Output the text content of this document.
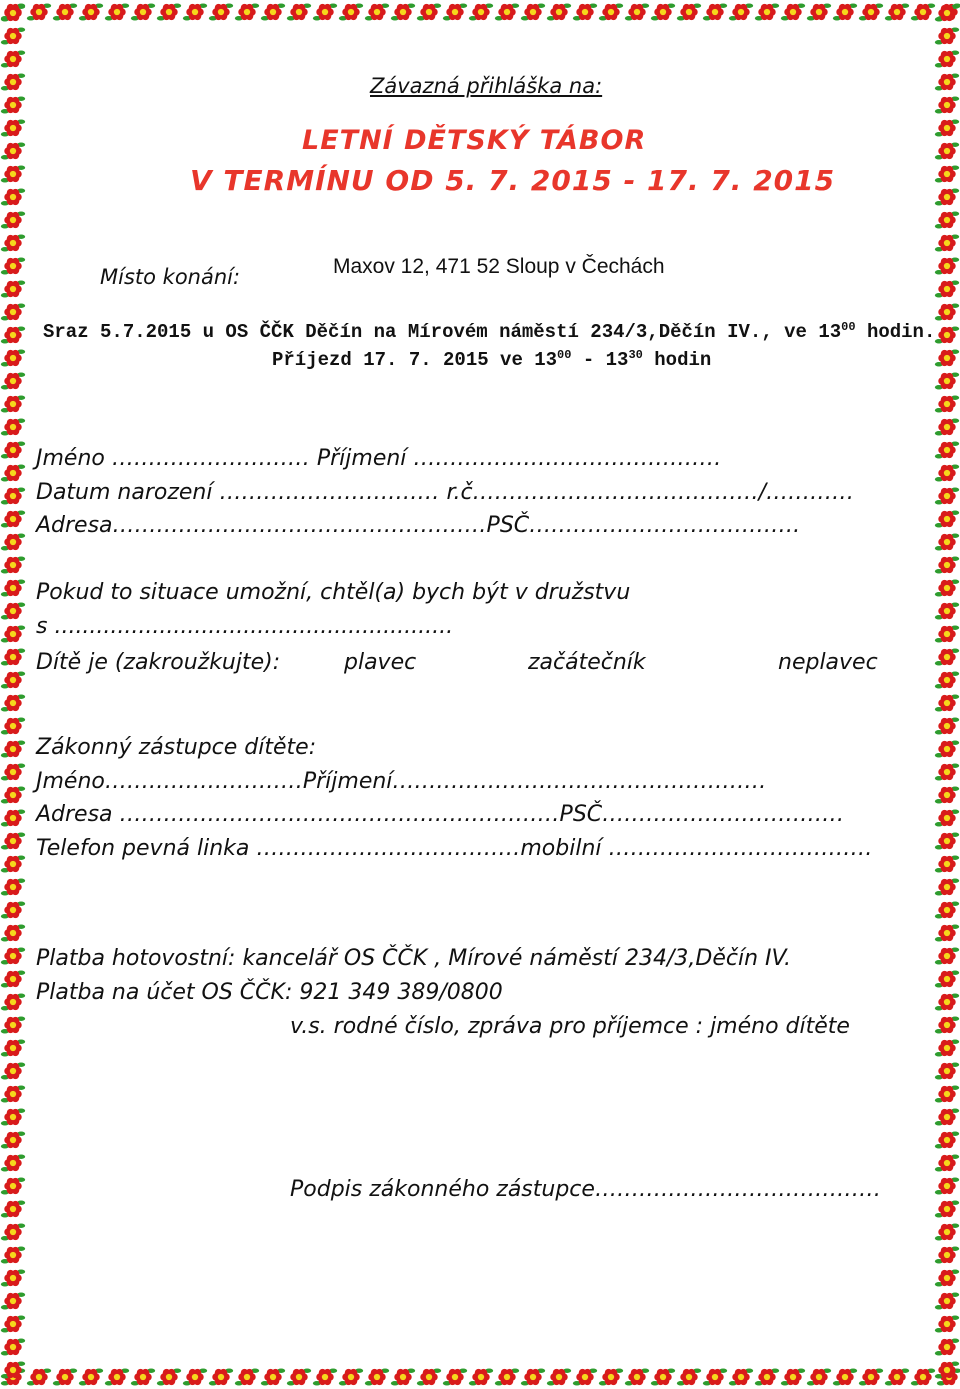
Závazná přihláška na:
LETNÍ DĚTSKÝ TÁBOR
V TERMÍNU OD 5. 7. 2015 - 17. 7. 2015
Místo konání:	Maxov 12, 471 52 Sloup v Čechách
Sraz 5.7.2015 u OS ČČK Děčín na Mírovém náměstí 234/3,Děčín IV., ve $13^{00}$ hodin.
Příjezd 17. 7. 2015 ve $13^{00} - 13^{30}$ hodin
Jméno ……………………… Příjmení ……………………………………
Datum narození ………………………… r.č…………………………………/…………
Adresa……………………………………………PSČ……………………………….
Pokud to situace umožní, chtěl(a) bych být v družstvu
s .........................................................
Dítě je (zakroužkujte):	plavec	začátečník	neplavec
Zákonný zástupce dítěte:
Jméno………………………Příjmení……………………………………………
Adresa ……………………………………………………PSČ……………………………
Telefon pevná linka ………………………………mobilní ………………………………
Platba hotovostní: kancelář OS ČČK , Mírové náměstí 234/3,Děčín IV.
Platba na účet OS ČČK: 921 349 389/0800
v.s. rodné číslo, zpráva pro příjemce : jméno dítěte
Podpis zákonného zástupce…………………………………
